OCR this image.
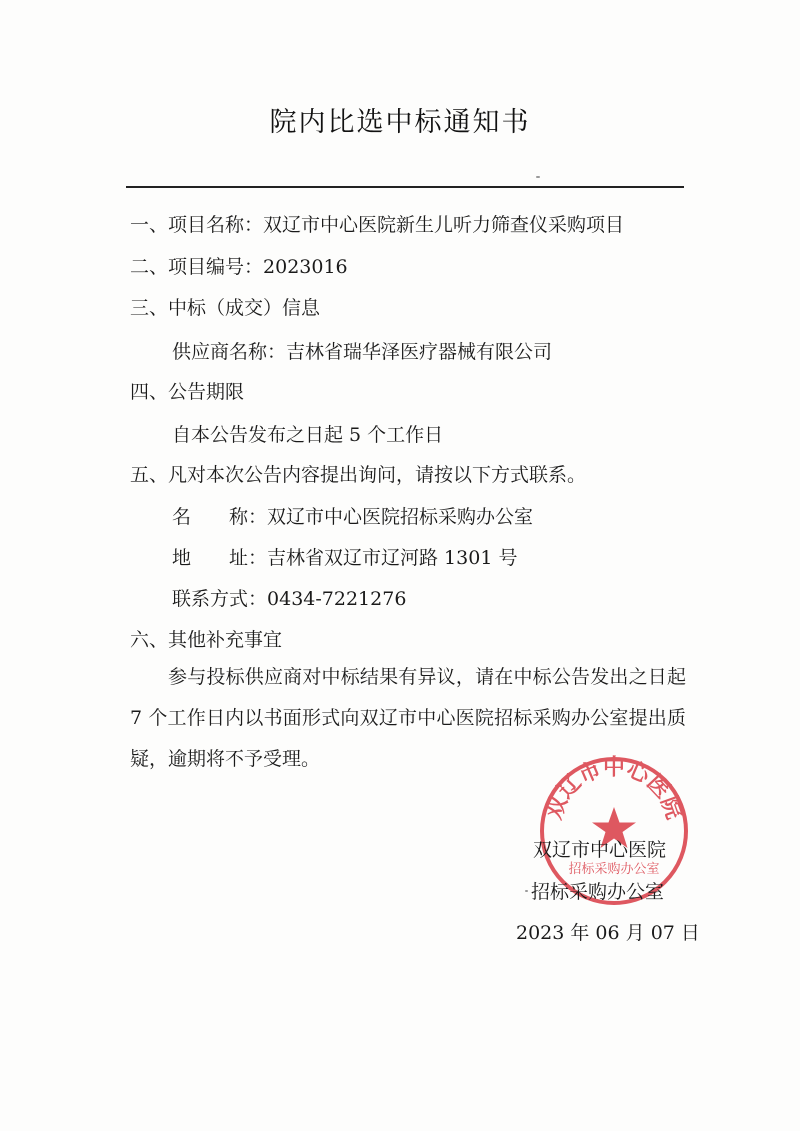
院内比选中标通知书
一、项目名称：双辽市中心医院新生儿听力筛查仪采购项目
二、项目编号：2023016
三、中标（成交）信息
供应商名称：吉林省瑞华泽医疗器械有限公司
四、公告期限
自本公告发布之日起 5 个工作日
五、凡对本次公告内容提出询问，请按以下方式联系。
名　　称：双辽市中心医院招标采购办公室
地　　址：吉林省双辽市辽河路 1301 号
联系方式：0434-7221276
六、其他补充事宜
参与投标供应商对中标结果有异议，请在中标公告发出之日起 7 个工作日内以书面形式向双辽市中心医院招标采购办公室提出质疑，逾期将不予受理。
双辽市中心医院
招标采购办公室
双辽市中心医院
招标采购办公室
2023 年 06 月 07 日
